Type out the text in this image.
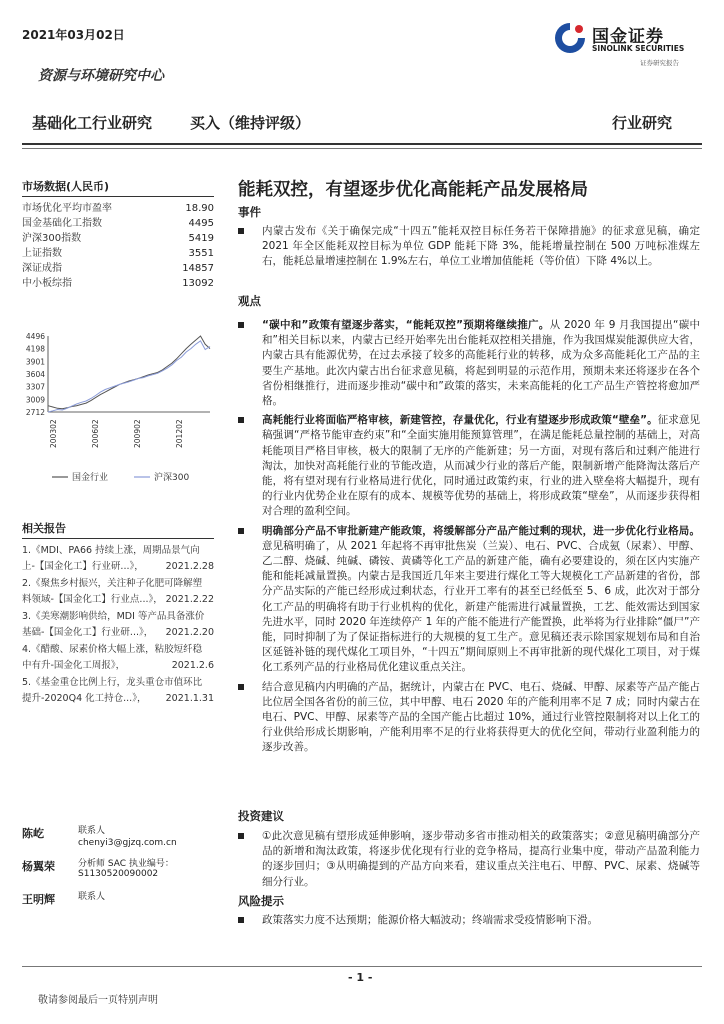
2021年03月02日	国金证券
SINOLINK SECURITIES
证券研究报告
资源与环境研究中心
基础化工行业研究	买入（维持评级）	行业研究
市场数据(人民币)
市场优化平均市盈率	18.90
国金基础化工指数	4495
沪深300指数	5419
上证指数	3551
深证成指	14857
中小板综指	13092
4496
4198
3901
3604
3307
3009
2712
200302	200602	200902	201202
国金行业	沪深300
相关报告
1.《MDI、PA66 持续上涨，周期品景气向
上-【国金化工】行业研...》， 2021.2.28
2.《聚焦乡村振兴，关注种子化肥可降解塑
料领域-【国金化工】行业点...》， 2021.2.22
3.《美寒潮影响供给，MDI 等产品具备涨价
基础-【国金化工】行业研...》， 2021.2.20
4.《醋酸、尿素价格大幅上涨，粘胶短纤稳
中有升-国金化工周报》，	2021.2.6
5.《基金重仓比例上行，龙头重仓市值环比
提升-2020Q4 化工持仓...》， 2021.1.31
陈屹	联系人
chenyi3@gjzq.com.cn
杨翼荣	分析师 SAC 执业编号：S1130520090002
王明辉	联系人
能耗双控，有望逐步优化高能耗产品发展格局
事件
内蒙古发布《关于确保完成“十四五”能耗双控目标任务若干保障措施》的征求意见稿，确定 2021 年全区能耗双控目标为单位 GDP 能耗下降 3%，能耗增量控制在 500 万吨标准煤左右，能耗总量增速控制在 1.9%左右，单位工业增加值能耗（等价值）下降 4%以上。
观点
“碳中和”政策有望逐步落实，“能耗双控”预期将继续推广。从 2020 年 9 月我国提出“碳中和”相关目标以来，内蒙古已经开始率先出台能耗双控相关措施，作为我国煤炭能源供应大省，内蒙古具有能源优势，在过去承接了较多的高能耗行业的转移，成为众多高能耗化工产品的主要生产基地。此次内蒙古出台征求意见稿，将起到明显的示范作用，预期未来还将逐步在各个省份相继推行，进而逐步推动“碳中和”政策的落实，未来高能耗的化工产品生产管控将愈加严格。
高耗能行业将面临严格审核，新建管控，存量优化，行业有望逐步形成政策“壁垒”。征求意见稿强调“严格节能审查约束”和“全面实施用能预算管理”，在满足能耗总量控制的基础上，对高耗能项目严格目审核，极大的限制了无序的产能新建；另一方面，对现有落后和过剩产能进行淘汰，加快对高耗能行业的节能改造，从而减少行业的落后产能，限制新增产能降淘汰落后产能，将有望对现有行业格局进行优化，同时通过政策约束，行业的进入壁垒将大幅提升，现有的行业内优势企业在原有的成本、规模等优势的基础上，将形成政策“壁垒”，从而逐步获得相对合理的盈利空间。
明确部分产品不审批新建产能政策，将缓解部分产品产能过剩的现状，进一步优化行业格局。意见稿明确了，从 2021 年起将不再审批焦炭（兰炭）、电石、PVC、合成氨（尿素）、甲醇、乙二醇、烧碱、纯碱、磷铵、黄磷等化工产品的新建产能，确有必要建设的，须在区内实施产能和能耗减量置换。内蒙古是我国近几年来主要进行煤化工等大规模化工产品新建的省份，部分产品实际的产能已经形成过剩状态，行业开工率有的甚至已经低至 5、6 成，此次对于部分化工产品的明确将有助于行业机构的优化，新建产能需进行减量置换，工艺、能效需达到国家先进水平，同时 2020 年连续停产 1 年的产能不能进行产能置换，此举将为行业排除“僵尸”产能，同时抑制了为了保证指标进行的大规模的复工生产。意见稿还表示除国家规划布局和自治区延链补链的现代煤化工项目外，“十四五”期间原则上不再审批新的现代煤化工项目，对于煤化工系列产品的行业格局优化建议重点关注。
结合意见稿内内明确的产品，据统计，内蒙古在 PVC、电石、烧碱、甲醇、尿素等产品产能占比位居全国各省份的前三位，其中甲醇、电石 2020 年的产能利用率不足 7 成；同时内蒙古在电石、PVC、甲醇、尿素等产品的全国产能占比超过 10%，通过行业管控限制将对以上化工的行业供给形成长期影响，产能利用率不足的行业将获得更大的优化空间，带动行业盈利能力的逐步改善。
投资建议
①此次意见稿有望形成延伸影响，逐步带动多省市推动相关的政策落实；②意见稿明确部分产品的新增和淘汰政策，将逐步优化现有行业的竞争格局，提高行业集中度，带动产品盈利能力的逐步回归；③从明确提到的产品方向来看，建议重点关注电石、甲醇、PVC、尿素、烧碱等细分行业。
风险提示
政策落实力度不达预期；能源价格大幅波动；终端需求受疫情影响下滑。
- 1 -
敬请参阅最后一页特别声明
